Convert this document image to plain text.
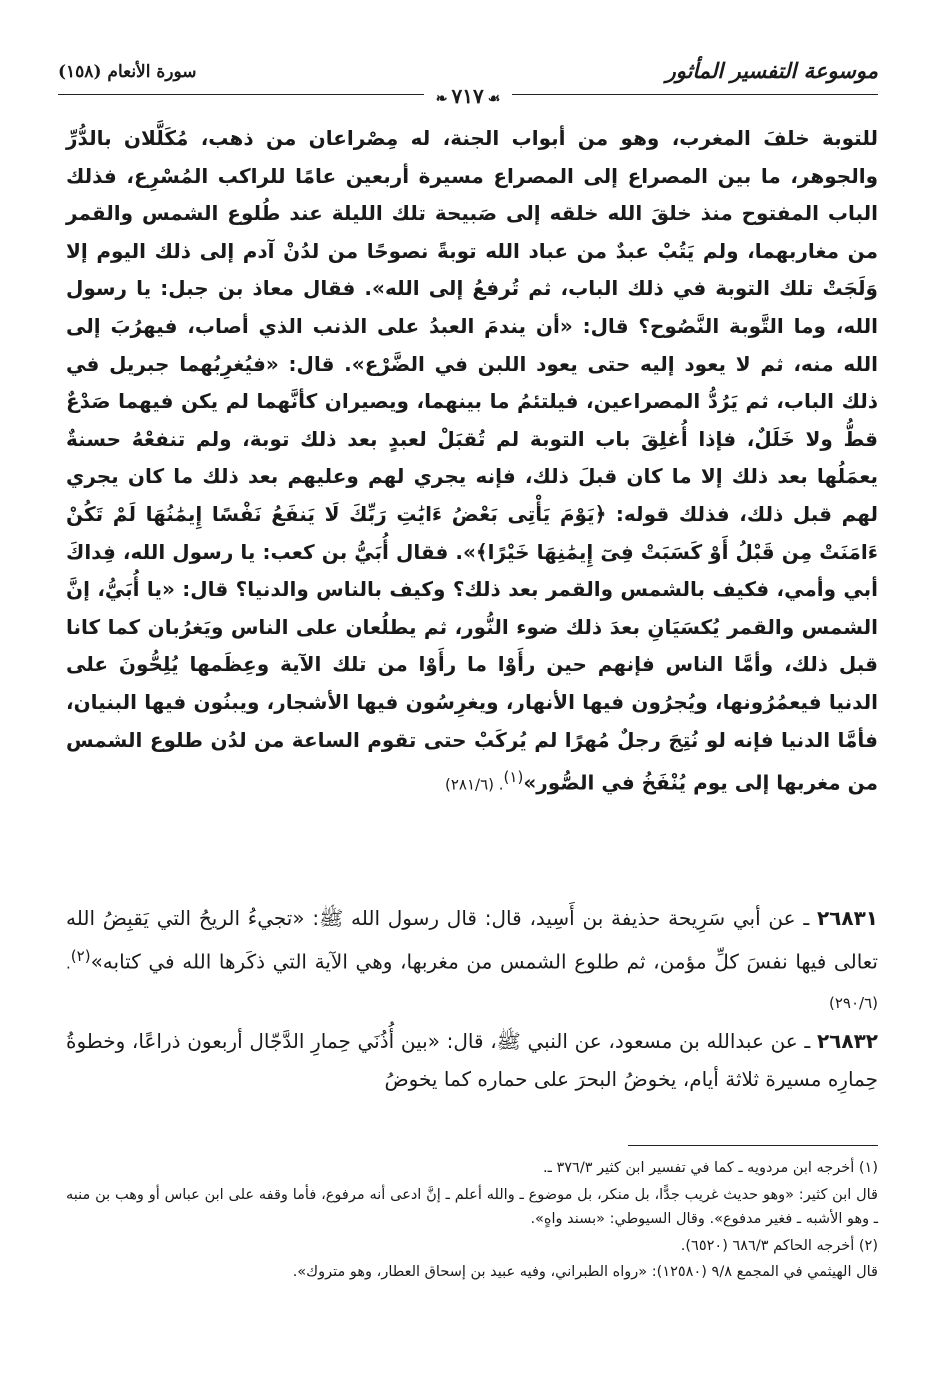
موسوعة التفسير المأثور
سورة الأنعام (١٥٨)
❧ ٧١٧ ☙

للتوبة خلفَ المغرب، وهو من أبواب الجنة، له مِصْراعان من ذهب، مُكَلَّلان بالدُّرِّ والجوهر، ما بين المصراع إلى المصراع مسيرة أربعين عامًا للراكب المُسْرِع، فذلك الباب المفتوح منذ خلقَ الله خلقه إلى صَبيحة تلك الليلة عند طُلوع الشمس والقمر من مغاربهما، ولم يَتُبْ عبدٌ من عباد الله توبةً نصوحًا من لدُنْ آدم إلى ذلك اليوم إلا وَلَجَتْ تلك التوبة في ذلك الباب، ثم تُرفعُ إلى الله». فقال معاذ بن جبل: يا رسول الله، وما التَّوبة النَّصُوح؟ قال: «أن يندمَ العبدُ على الذنب الذي أصاب، فيهرُبَ إلى الله منه، ثم لا يعود إليه حتى يعود اللبن في الضَّرْع». قال: «فيُغرِبُهما جبريل في ذلك الباب، ثم يَرُدُّ المصراعين، فيلتئمُ ما بينهما، ويصيران كأنَّهما لم يكن فيهما صَدْعٌ قطُّ ولا خَلَلٌ، فإذا أُغلِقَ باب التوبة لم تُقبَلْ لعبدٍ بعد ذلك توبة، ولم تنفعْهُ حسنةٌ يعمَلُها بعد ذلك إلا ما كان قبلَ ذلك، فإنه يجري لهم وعليهم بعد ذلك ما كان يجري لهم قبل ذلك، فذلك قوله: ﴿يَوْمَ يَأْتِى بَعْضُ ءَايَٰتِ رَبِّكَ لَا يَنفَعُ نَفْسًا إِيمَٰنُهَا لَمْ تَكُنْ ءَامَنَتْ مِن قَبْلُ أَوْ كَسَبَتْ فِىٓ إِيمَٰنِهَا خَيْرًا﴾». فقال أُبَيُّ بن كعب: يا رسول الله، فِداكَ أبي وأمي، فكيف بالشمس والقمر بعد ذلك؟ وكيف بالناس والدنيا؟ قال: «يا أُبَيُّ، إنَّ الشمس والقمر يُكسَيَانِ بعدَ ذلك ضوء النُّور، ثم يطلُعان على الناس ويَغرُبان كما كانا قبل ذلك، وأمَّا الناس فإنهم حين رأَوْا ما رأَوْا من تلك الآية وعِظَمها يُلِحُّونَ على الدنيا فيعمُرُونها، ويُجرُون فيها الأنهار، ويغرِسُون فيها الأشجار، ويبنُون فيها البنيان، فأمَّا الدنيا فإنه لو نُتِجَ رجلٌ مُهرًا لم يُركَبْ حتى تقوم الساعة من لدُن طلوع الشمس من مغربها إلى يوم يُنْفَخُ في الصُّور»$^{(١)}$. (٢٨١/٦)

٢٦٨٣١ ـ عن أبي سَرِيحة حذيفة بن أَسِيد، قال: قال رسول الله ﷺ: «تجيءُ الريحُ التي يَقبِضُ الله تعالى فيها نفسَ كلِّ مؤمن، ثم طلوع الشمس من مغربها، وهي الآية التي ذكَرها الله في كتابه»$^{(٢)}$. (٢٩٠/٦)
٢٦٨٣٢ ـ عن عبدالله بن مسعود، عن النبي ﷺ، قال: «بين أُذُنَي حِمارِ الدَّجّال أربعون ذراعًا، وخطوةُ حِمارِه مسيرة ثلاثة أيام، يخوضُ البحرَ على حماره كما يخوضُ

(١) أخرجه ابن مردويه ـ كما في تفسير ابن كثير ٣٧٦/٣ ـ.

قال ابن كثير: «وهو حديث غريب جدًّا، بل منكر، بل موضوع ـ والله أعلم ـ إنَّ ادعى أنه مرفوع، فأما وقفه على ابن عباس أو وهب بن منبه ـ وهو الأشبه ـ فغير مدفوع». وقال السيوطي: «بسند واهٍ».

(٢) أخرجه الحاكم ٦٨٦/٣ (٦٥٢٠).

قال الهيثمي في المجمع ٩/٨ (١٢٥٨٠): «رواه الطبراني، وفيه عبيد بن إسحاق العطار، وهو متروك».
